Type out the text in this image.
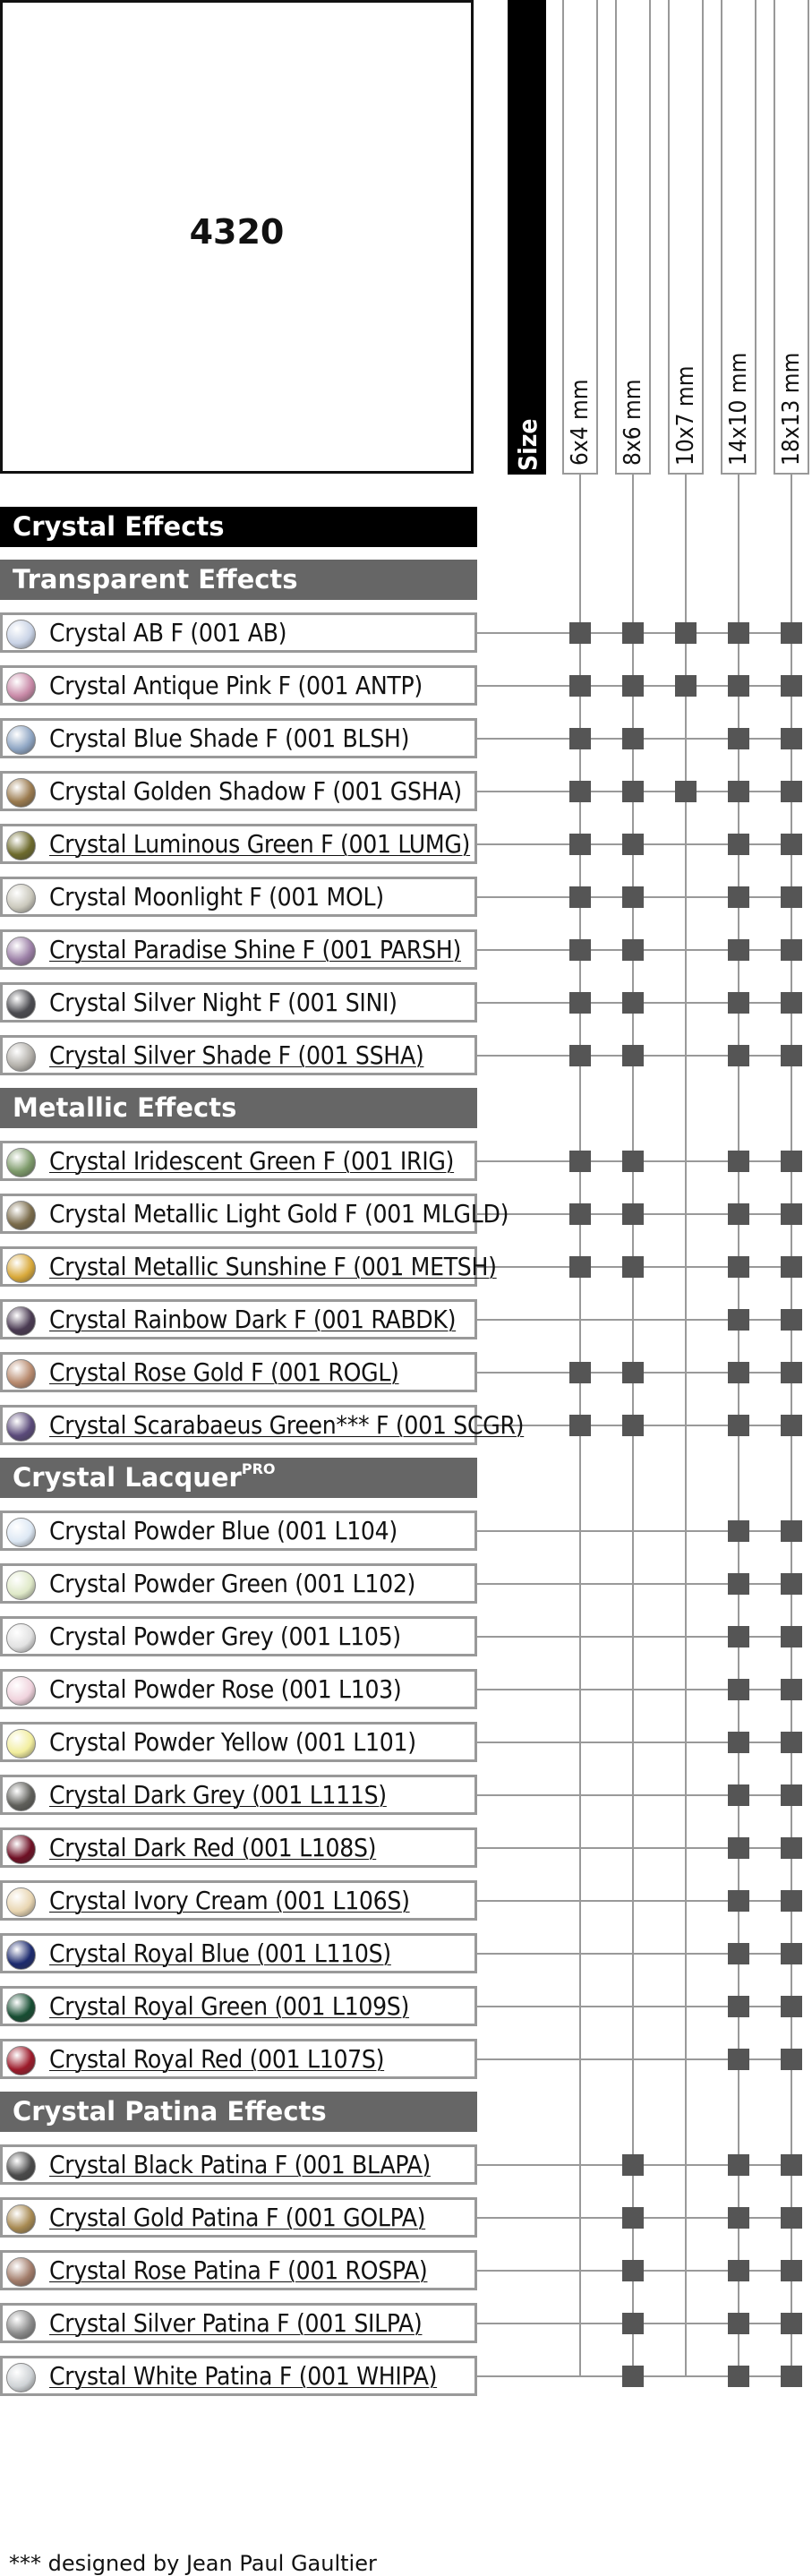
4320
Size 6x4 mm 8x6 mm 10x7 mm 14x10 mm 18x13 mm
Crystal Effects
Transparent Effects
Crystal AB F (001 AB)
Crystal Antique Pink F (001 ANTP)
Crystal Blue Shade F (001 BLSH)
Crystal Golden Shadow F (001 GSHA)
Crystal Luminous Green F (001 LUMG)
Crystal Moonlight F (001 MOL)
Crystal Paradise Shine F (001 PARSH)
Crystal Silver Night F (001 SINI)
Crystal Silver Shade F (001 SSHA)
Metallic Effects
Crystal Iridescent Green F (001 IRIG)
Crystal Metallic Light Gold F (001 MLGLD)
Crystal Metallic Sunshine F (001 METSH)
Crystal Rainbow Dark F (001 RABDK)
Crystal Rose Gold F (001 ROGL)
Crystal Scarabaeus Green*** F (001 SCGR)
Crystal Lacquer$^{PRO}$
Crystal Powder Blue (001 L104)
Crystal Powder Green (001 L102)
Crystal Powder Grey (001 L105)
Crystal Powder Rose (001 L103)
Crystal Powder Yellow (001 L101)
Crystal Dark Grey (001 L111S)
Crystal Dark Red (001 L108S)
Crystal Ivory Cream (001 L106S)
Crystal Royal Blue (001 L110S)
Crystal Royal Green (001 L109S)
Crystal Royal Red (001 L107S)
Crystal Patina Effects
Crystal Black Patina F (001 BLAPA)
Crystal Gold Patina F (001 GOLPA)
Crystal Rose Patina F (001 ROSPA)
Crystal Silver Patina F (001 SILPA)
Crystal White Patina F (001 WHIPA)
*** designed by Jean Paul Gaultier
